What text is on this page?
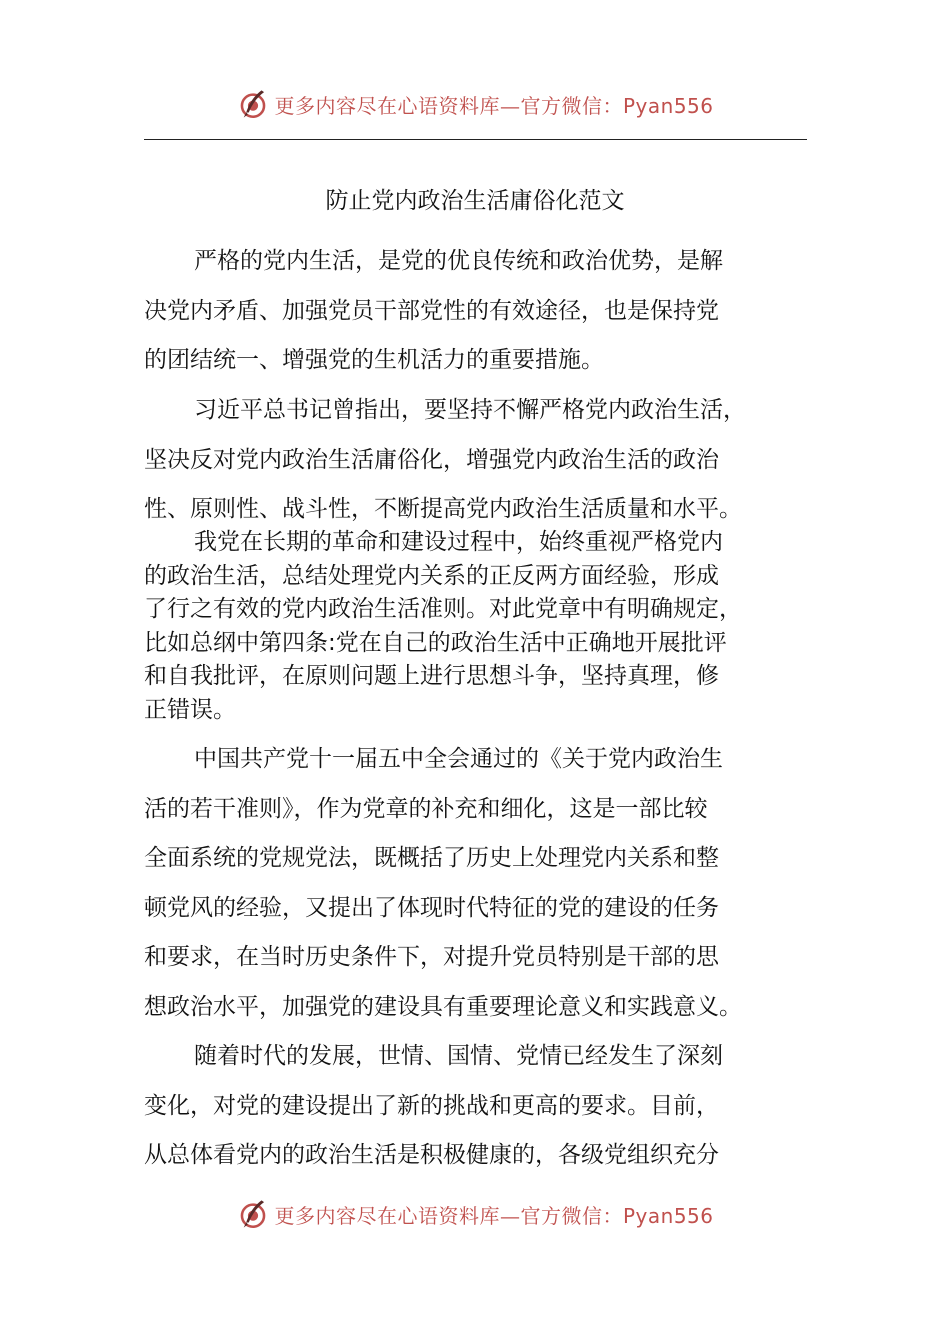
更多内容尽在心语资料库—官方微信：Pyan556
防止党内政治生活庸俗化范文

严格的党内生活，是党的优良传统和政治优势，是解
决党内矛盾、加强党员干部党性的有效途径，也是保持党
的团结统一、增强党的生机活力的重要措施。

习近平总书记曾指出，要坚持不懈严格党内政治生活，
坚决反对党内政治生活庸俗化，增强党内政治生活的政治
性、原则性、战斗性，不断提高党内政治生活质量和水平。

我党在长期的革命和建设过程中，始终重视严格党内
的政治生活，总结处理党内关系的正反两方面经验，形成
了行之有效的党内政治生活准则。对此党章中有明确规定，
比如总纲中第四条:党在自己的政治生活中正确地开展批评
和自我批评，在原则问题上进行思想斗争，坚持真理，修
正错误。

中国共产党十一届五中全会通过的《关于党内政治生
活的若干准则》，作为党章的补充和细化，这是一部比较
全面系统的党规党法，既概括了历史上处理党内关系和整
顿党风的经验，又提出了体现时代特征的党的建设的任务
和要求，在当时历史条件下，对提升党员特别是干部的思
想政治水平，加强党的建设具有重要理论意义和实践意义。

随着时代的发展，世情、国情、党情已经发生了深刻
变化，对党的建设提出了新的挑战和更高的要求。目前，
从总体看党内的政治生活是积极健康的，各级党组织充分

更多内容尽在心语资料库—官方微信：Pyan556
